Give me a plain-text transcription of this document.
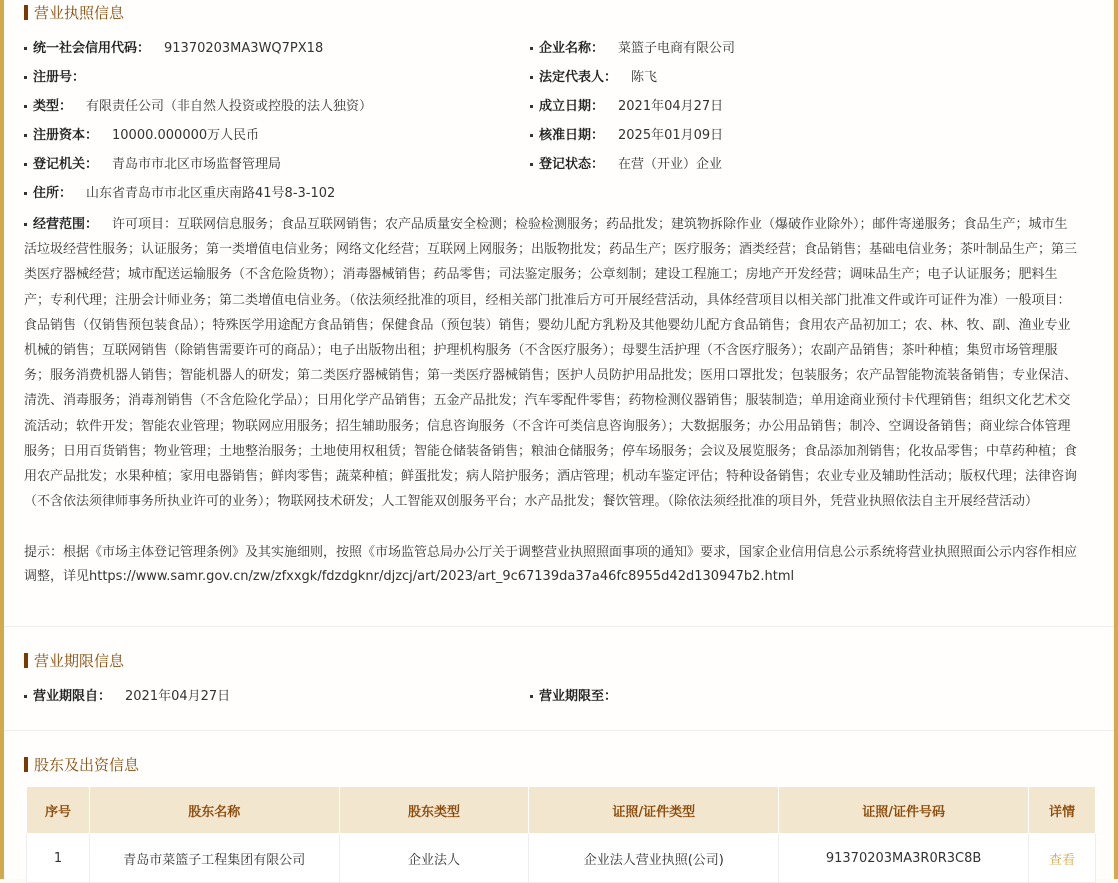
营业执照信息
统一社会信用代码： 91370203MA3WQ7PX18	企业名称： 菜篮子电商有限公司
注册号：	法定代表人： 陈飞
类型： 有限责任公司（非自然人投资或控股的法人独资）	成立日期： 2021年04月27日
注册资本： 10000.000000万人民币	核准日期： 2025年01月09日
登记机关： 青岛市市北区市场监督管理局	登记状态： 在营（开业）企业
住所： 山东省青岛市市北区重庆南路41号8-3-102
经营范围： 许可项目：互联网信息服务；食品互联网销售；农产品质量安全检测；检验检测服务；药品批发；建筑物拆除作业（爆破作业除外）；邮件寄递服务；食品生产；城市生活垃圾经营性服务；认证服务；第一类增值电信业务；网络文化经营；互联网上网服务；出版物批发；药品生产；医疗服务；酒类经营；食品销售；基础电信业务；茶叶制品生产；第三类医疗器械经营；城市配送运输服务（不含危险货物）；消毒器械销售；药品零售；司法鉴定服务；公章刻制；建设工程施工；房地产开发经营；调味品生产；电子认证服务；肥料生产；专利代理；注册会计师业务；第二类增值电信业务。（依法须经批准的项目，经相关部门批准后方可开展经营活动，具体经营项目以相关部门批准文件或许可证件为准）一般项目：食品销售（仅销售预包装食品）；特殊医学用途配方食品销售；保健食品（预包装）销售；婴幼儿配方乳粉及其他婴幼儿配方食品销售；食用农产品初加工；农、林、牧、副、渔业专业机械的销售；互联网销售（除销售需要许可的商品）；电子出版物出租；护理机构服务（不含医疗服务）；母婴生活护理（不含医疗服务）；农副产品销售；茶叶种植；集贸市场管理服务；服务消费机器人销售；智能机器人的研发；第二类医疗器械销售；第一类医疗器械销售；医护人员防护用品批发；医用口罩批发；包装服务；农产品智能物流装备销售；专业保洁、清洗、消毒服务；消毒剂销售（不含危险化学品）；日用化学产品销售；五金产品批发；汽车零配件零售；药物检测仪器销售；服装制造；单用途商业预付卡代理销售；组织文化艺术交流活动；软件开发；智能农业管理；物联网应用服务；招生辅助服务；信息咨询服务（不含许可类信息咨询服务）；大数据服务；办公用品销售；制冷、空调设备销售；商业综合体管理服务；日用百货销售；物业管理；土地整治服务；土地使用权租赁；智能仓储装备销售；粮油仓储服务；停车场服务；会议及展览服务；食品添加剂销售；化妆品零售；中草药种植；食用农产品批发；水果种植；家用电器销售；鲜肉零售；蔬菜种植；鲜蛋批发；病人陪护服务；酒店管理；机动车鉴定评估；特种设备销售；农业专业及辅助性活动；版权代理；法律咨询（不含依法须律师事务所执业许可的业务）；物联网技术研发；人工智能双创服务平台；水产品批发；餐饮管理。（除依法须经批准的项目外，凭营业执照依法自主开展经营活动）
提示：根据《市场主体登记管理条例》及其实施细则，按照《市场监管总局办公厅关于调整营业执照照面事项的通知》要求，国家企业信用信息公示系统将营业执照照面公示内容作相应调整，详见https://www.samr.gov.cn/zw/zfxxgk/fdzdgknr/djzcj/art/2023/art_9c67139da37a46fc8955d42d130947b2.html
营业期限信息
营业期限自： 2021年04月27日	营业期限至：
股东及出资信息
序号	股东名称	股东类型	证照/证件类型	证照/证件号码	详情
1	青岛市菜篮子工程集团有限公司	企业法人	企业法人营业执照(公司)	91370203MA3R0R3C8B	查看
